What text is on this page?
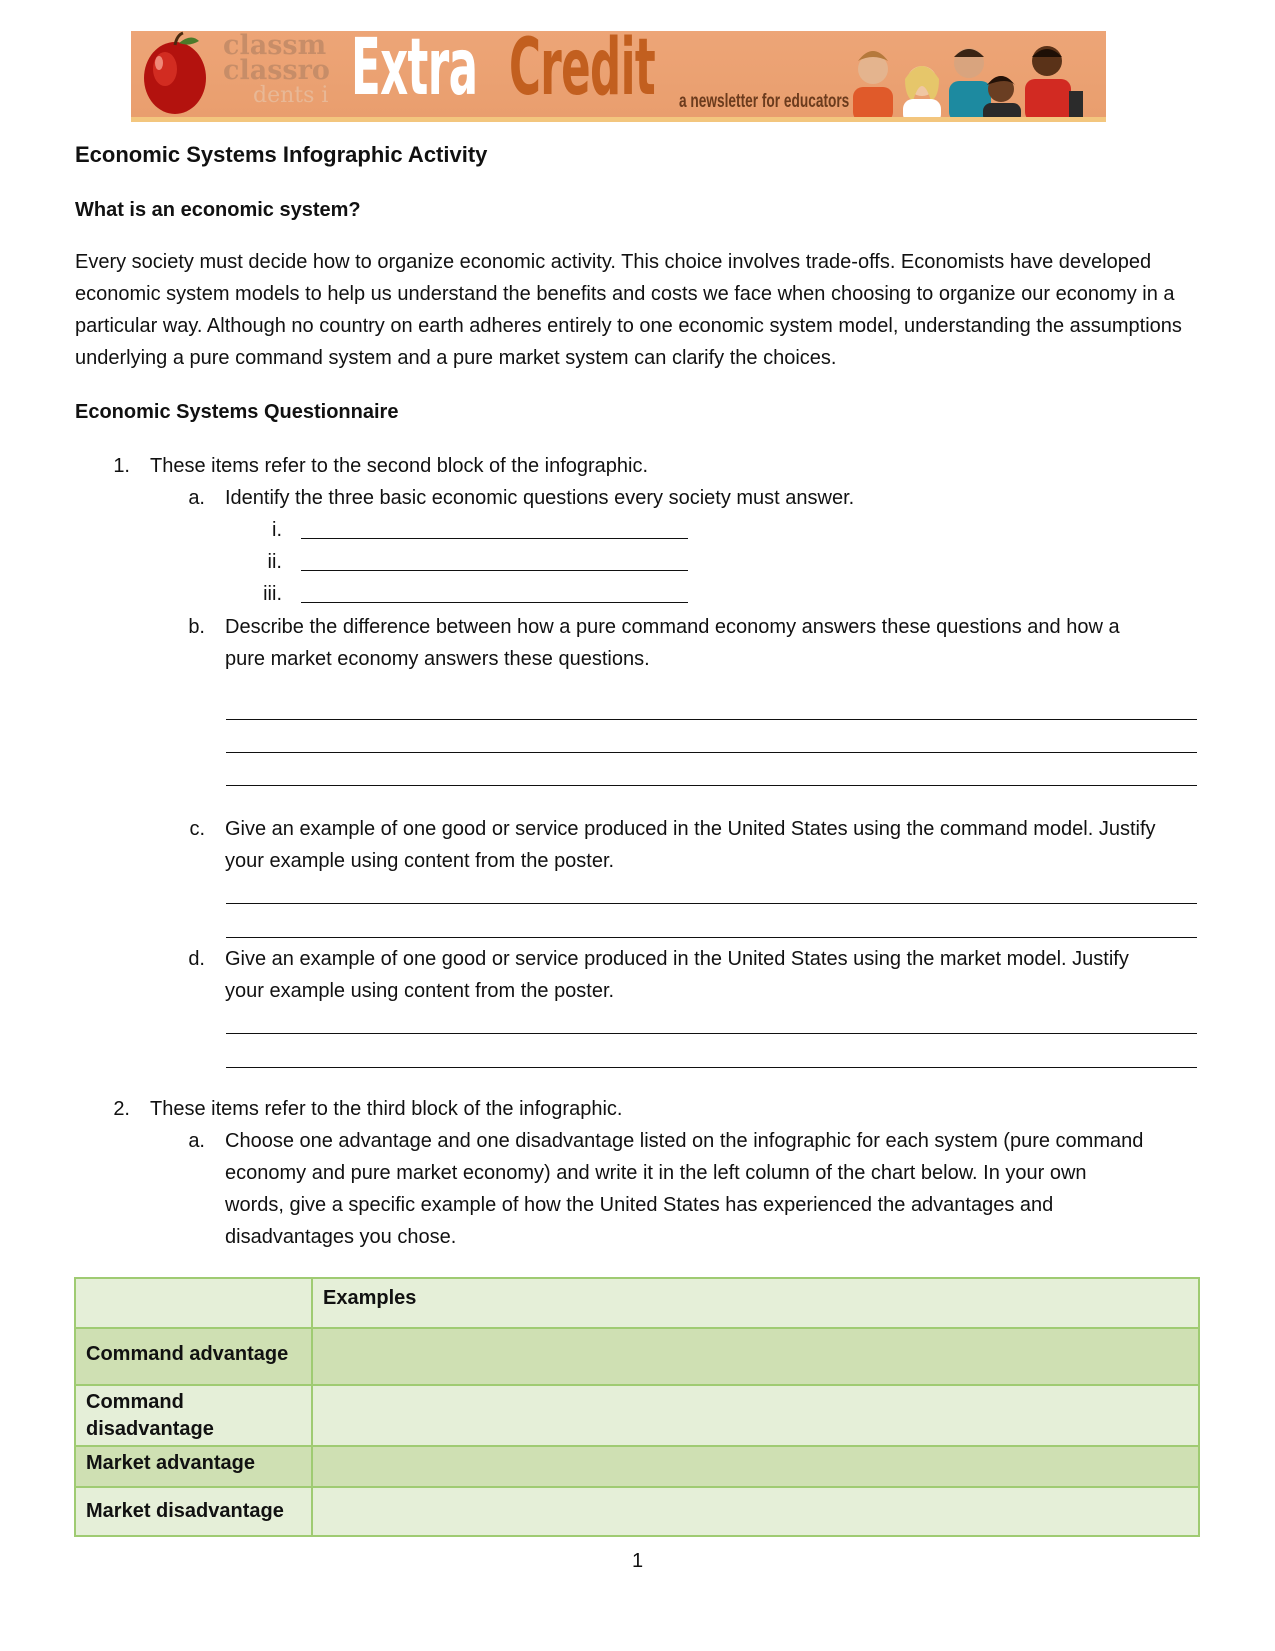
classm
classro
dents i Extra Credit a newsletter for educators
Economic Systems Infographic Activity
What is an economic system?
Every society must decide how to organize economic activity. This choice involves trade-offs. Economists have developed economic system models to help us understand the benefits and costs we face when choosing to organize our economy in a particular way. Although no country on earth adheres entirely to one economic system model, understanding the assumptions underlying a pure command system and a pure market system can clarify the choices.
Economic Systems Questionnaire
1. These items refer to the second block of the infographic.
a. Identify the three basic economic questions every society must answer.
i.
ii.
iii.
b. Describe the difference between how a pure command economy answers these questions and how a
pure market economy answers these questions.
c. Give an example of one good or service produced in the United States using the command model. Justify
your example using content from the poster.
d. Give an example of one good or service produced in the United States using the market model. Justify
your example using content from the poster.
2. These items refer to the third block of the infographic.
a. Choose one advantage and one disadvantage listed on the infographic for each system (pure command
economy and pure market economy) and write it in the left column of the chart below. In your own
words, give a specific example of how the United States has experienced the advantages and
disadvantages you chose.
	Examples
Command advantage	
Command disadvantage	
Market advantage	
Market disadvantage	
1
